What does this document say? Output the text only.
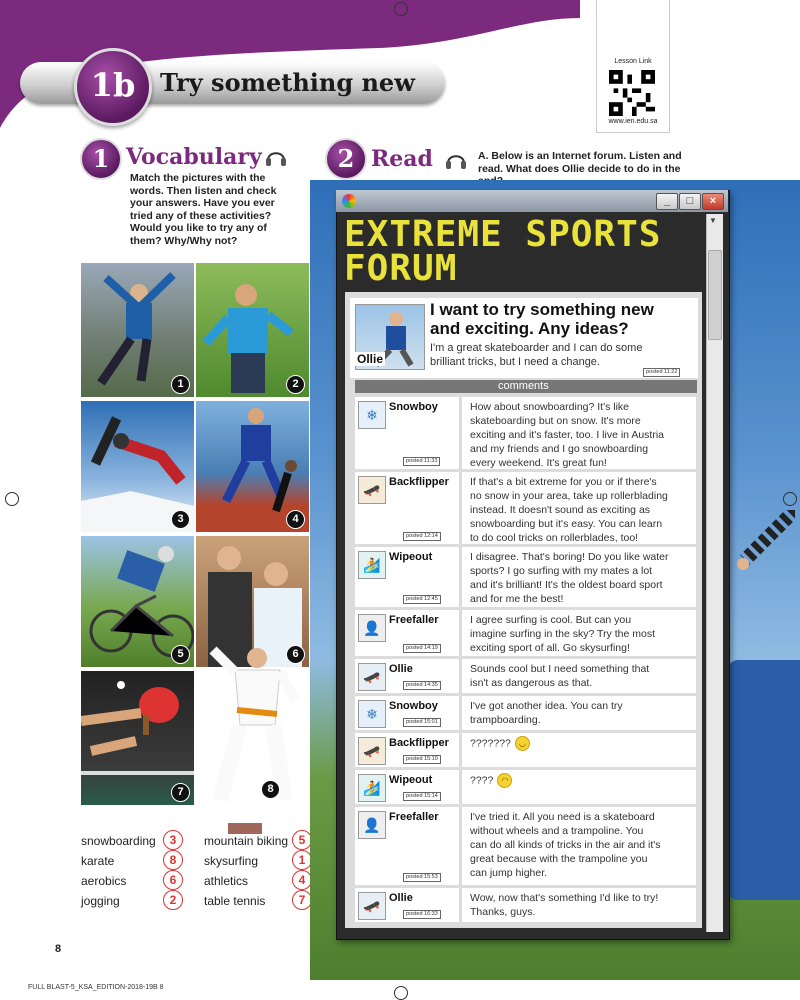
1b	Try something new
Lesson Link
www.ien.edu.sa
1 Vocabulary
Match the pictures with the
words. Then listen and check
your answers. Have you ever
tried any of these activities?
Would you like to try any of
them? Why/Why not?
1	2
3	4
5	6
7	8
snowboarding	3
karate	8
aerobics	6
jogging	2
mountain biking 5
skysurfing	1
athletics	4
table tennis	7
2 Read	A. Below is an Internet forum. Listen and
read. What does Ollie decide to do in the
_	□	×
EXTREME SPORTS
FORUM
▼
Ollie
I want to try something new
and exciting. Any ideas?
I'm a great skateboarder and I can do some
brilliant tricks, but I need a change.
posted 11:22
comments
❄	Snowboy
posted 11:33
How about snowboarding? It's like
skateboarding but on snow. It's more
exciting and it's faster, too. I live in Austria
and my friends and I go snowboarding
every weekend. It's great fun!
🛹 Backflipper
posted 12:14
If that's a bit extreme for you or if there's
no snow in your area, take up rollerblading
instead. It doesn't sound as exciting as
snowboarding but it's easy. You can learn
to do cool tricks on rollerblades, too!
🏄 Wipeout
posted 12:45
I disagree. That's boring! Do you like water
sports? I go surfing with my mates a lot
and it's brilliant! It's the oldest board sport
and for me the best!
👤 Freefaller
posted 14:19
I agree surfing is cool. But can you
imagine surfing in the sky? Try the most
exciting sport of all. Go skysurfing!
🛹 Ollie
posted 14:35
Sounds cool but I need something that
isn't as dangerous as that.
❄	Snowboy
posted 15:01
I've got another idea. You can try
trampboarding.
🛹 Backflipper
posted 15:10
??????? ◡
🏄 Wipeout
posted 15:14
???? ◠
👤 Freefaller
posted 15:53
I've tried it. All you need is a skateboard
without wheels and a trampoline. You
can do all kinds of tricks in the air and it's
great because with the trampoline you
can jump higher.
🛹 Ollie
posted 16:33
Wow, now that's something I'd like to try!
Thanks, guys.
8
FULL BLAST-5_KSA_EDITION-2018-19B 8
